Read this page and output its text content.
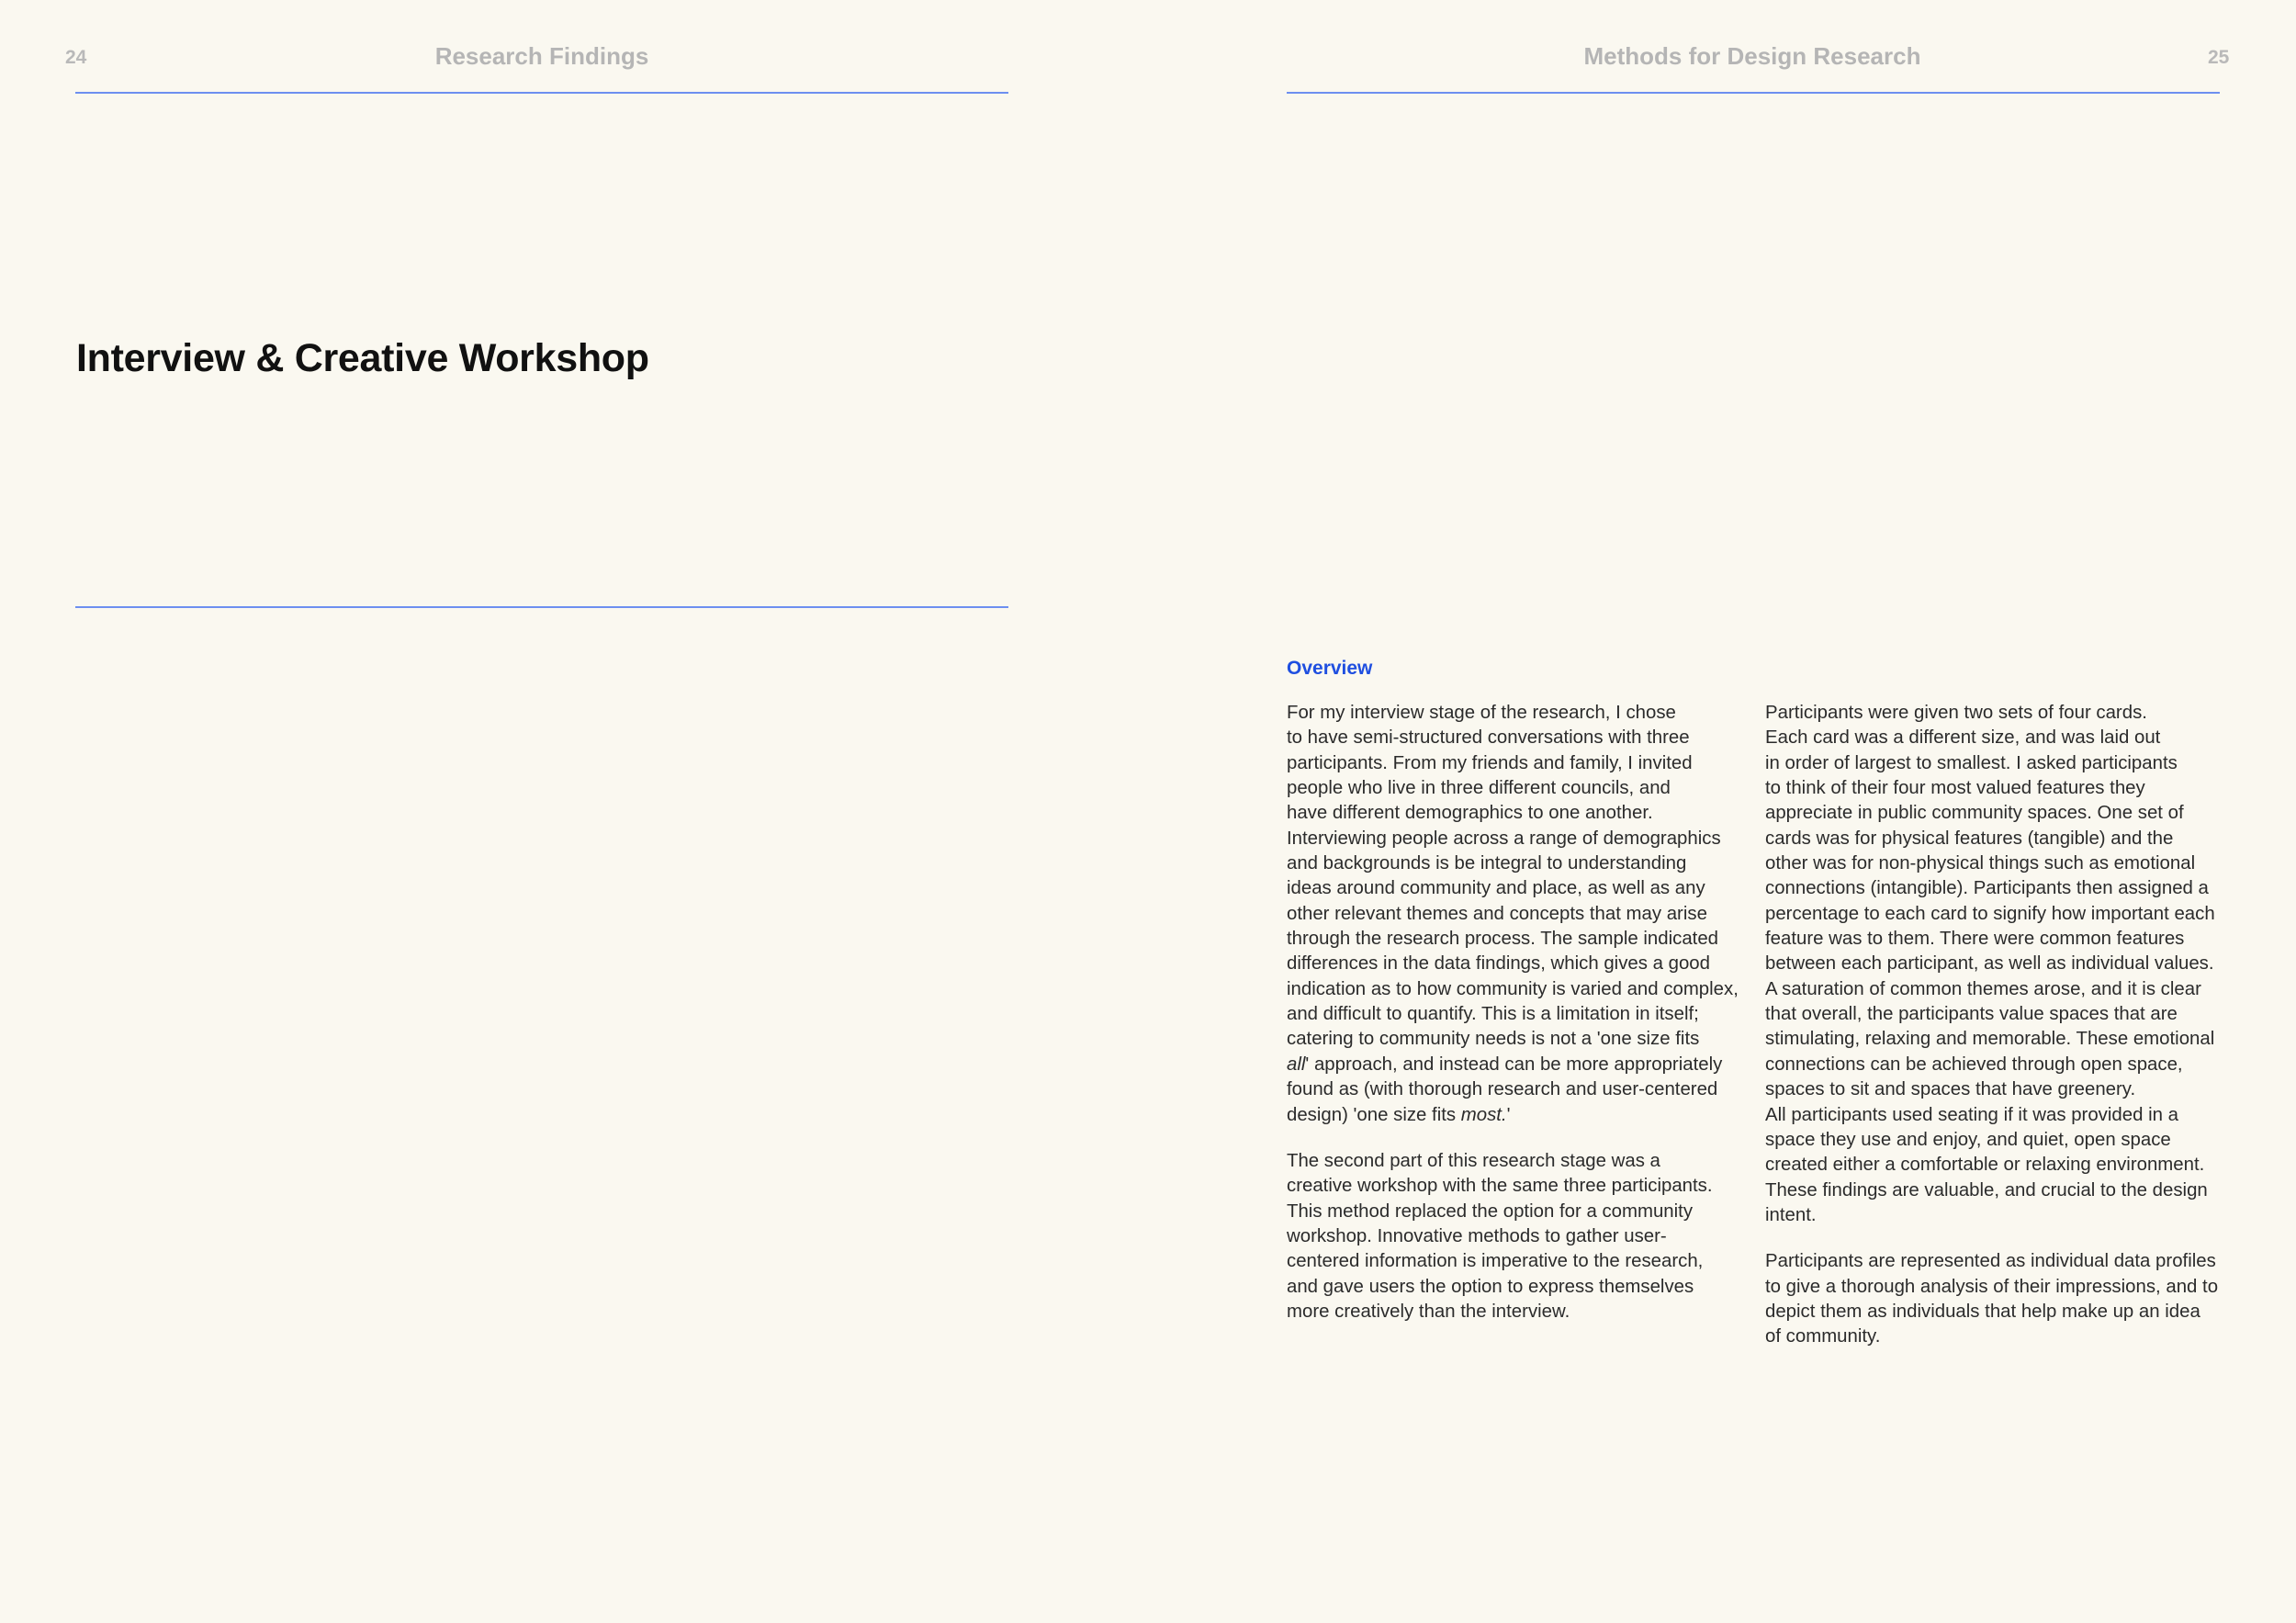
24	Research Findings
Interview & Creative Workshop
Methods for Design Research	25
Overview

For my interview stage of the research, I chose
to have semi-structured conversations with three
participants. From my friends and family, I invited
people who live in three different councils, and
have different demographics to one another.
Interviewing people across a range of demographics
and backgrounds is be integral to understanding
ideas around community and place, as well as any
other relevant themes and concepts that may arise
through the research process. The sample indicated
differences in the data findings, which gives a good
indication as to how community is varied and complex,
and difficult to quantify. This is a limitation in itself;
catering to community needs is not a 'one size fits
all' approach, and instead can be more appropriately
found as (with thorough research and user-centered
design) 'one size fits most.'

The second part of this research stage was a
creative workshop with the same three participants.
This method replaced the option for a community
workshop. Innovative methods to gather user-
centered information is imperative to the research,
and gave users the option to express themselves
more creatively than the interview.

Participants were given two sets of four cards.
Each card was a different size, and was laid out
in order of largest to smallest. I asked participants
to think of their four most valued features they
appreciate in public community spaces. One set of
cards was for physical features (tangible) and the
other was for non-physical things such as emotional
connections (intangible). Participants then assigned a
percentage to each card to signify how important each
feature was to them. There were common features
between each participant, as well as individual values.
A saturation of common themes arose, and it is clear
that overall, the participants value spaces that are
stimulating, relaxing and memorable. These emotional
connections can be achieved through open space,
spaces to sit and spaces that have greenery.
All participants used seating if it was provided in a
space they use and enjoy, and quiet, open space
created either a comfortable or relaxing environment.
These findings are valuable, and crucial to the design
intent.

Participants are represented as individual data profiles
to give a thorough analysis of their impressions, and to
depict them as individuals that help make up an idea
of community.
